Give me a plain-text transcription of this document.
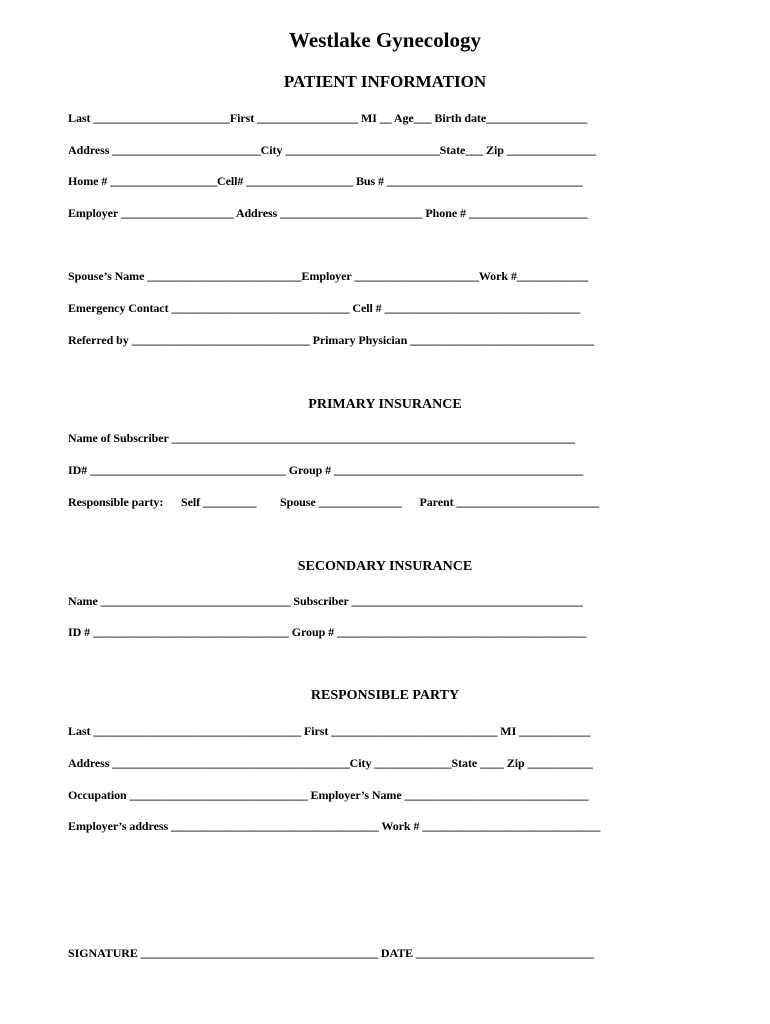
Westlake Gynecology
PATIENT INFORMATION

Last _______________________First _________________ MI __ Age___ Birth date_________________

Address _________________________City __________________________State___ Zip _______________

Home # __________________Cell# __________________ Bus # _________________________________

Employer ___________________ Address ________________________ Phone # ____________________

Spouse’s Name __________________________Employer _____________________Work #____________

Emergency Contact ______________________________ Cell # _________________________________

Referred by ______________________________ Primary Physician _______________________________

PRIMARY INSURANCE

Name of Subscriber ____________________________________________________________________

ID# _________________________________ Group # __________________________________________

Responsible party:      Self _________        Spouse ______________      Parent ________________________

SECONDARY INSURANCE

Name ________________________________ Subscriber _______________________________________

ID # _________________________________ Group # __________________________________________

RESPONSIBLE PARTY

Last ___________________________________ First ____________________________ MI ____________

Address ________________________________________City _____________State ____ Zip ___________

Occupation ______________________________ Employer’s Name _______________________________

Employer’s address ___________________________________ Work # ______________________________

SIGNATURE ________________________________________ DATE ______________________________
